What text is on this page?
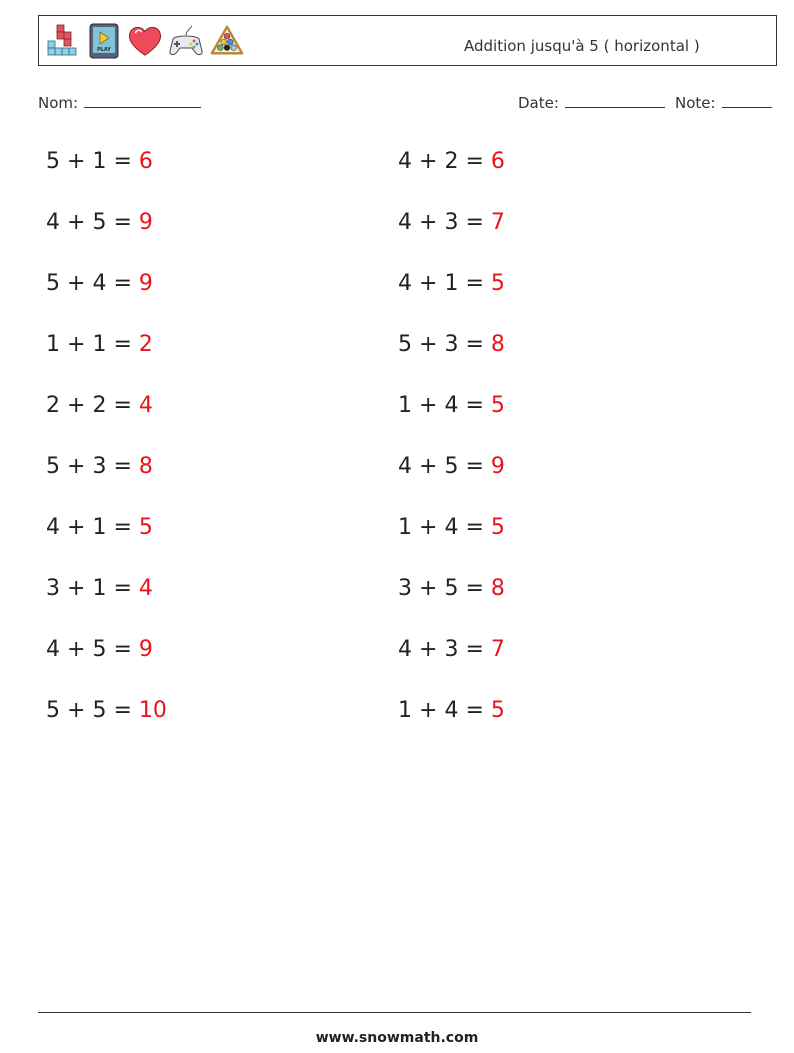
PLAY	Addition jusqu'à 5 ( horizontal )
Nom:	Date:	Note:
5 + 1 = 6	4 + 2 = 6
4 + 5 = 9	4 + 3 = 7
5 + 4 = 9	4 + 1 = 5
1 + 1 = 2	5 + 3 = 8
2 + 2 = 4	1 + 4 = 5
5 + 3 = 8	4 + 5 = 9
4 + 1 = 5	1 + 4 = 5
3 + 1 = 4	3 + 5 = 8
4 + 5 = 9	4 + 3 = 7
5 + 5 = 10	1 + 4 = 5
www.snowmath.com
